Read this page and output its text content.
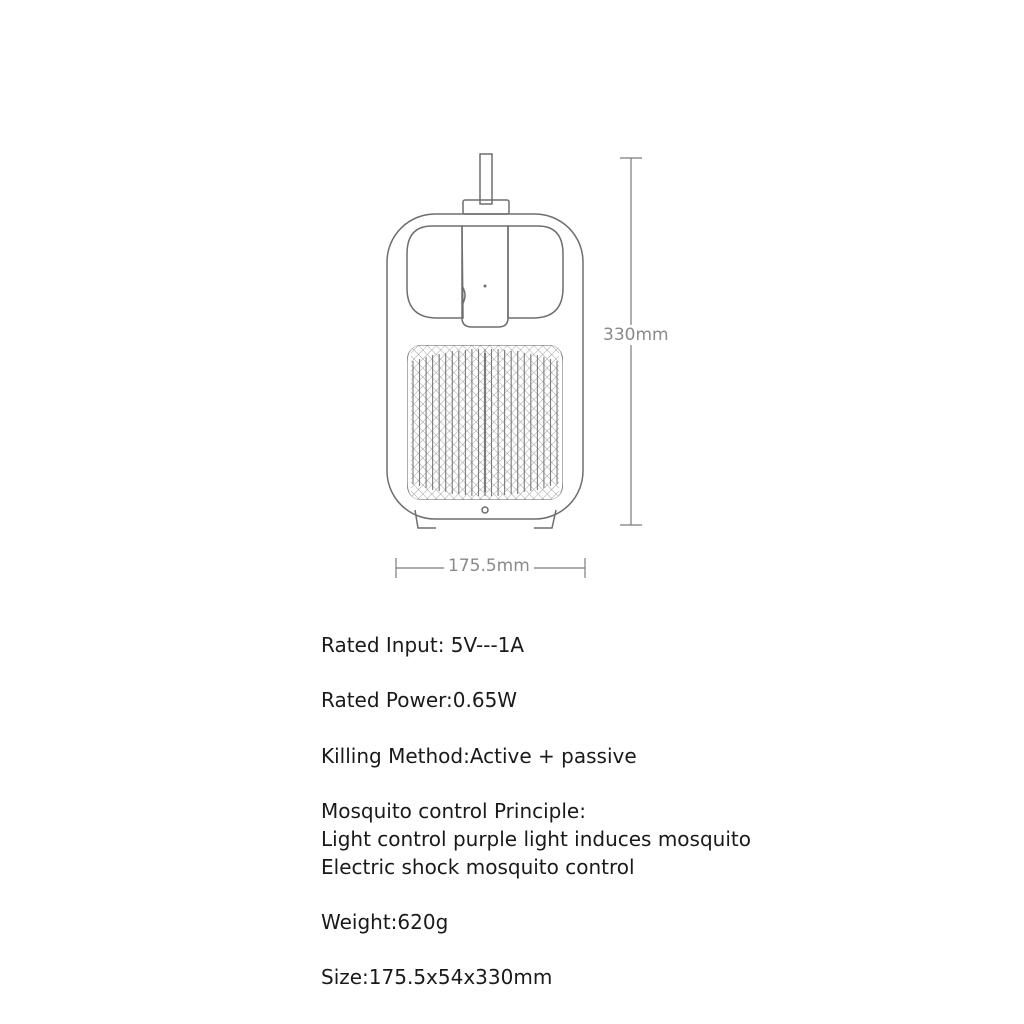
330mm
175.5mm
Rated Input: 5V---1A
Rated Power:0.65W
Killing Method:Active + passive
Mosquito control Principle:
Light control purple light induces mosquito
Electric shock mosquito control
Weight:620g
Size:175.5x54x330mm
